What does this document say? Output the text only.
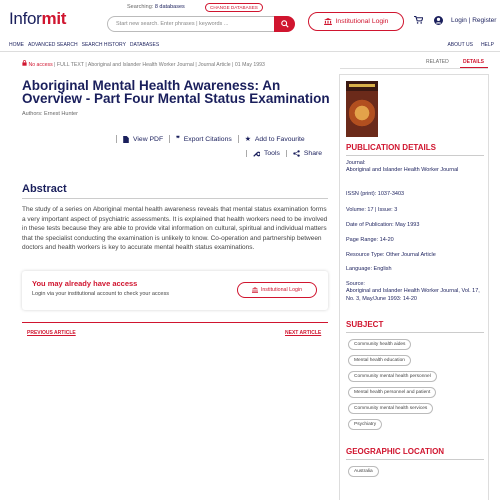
Informit
Searching: 8 databases	CHANGE DATABASES
Start new search. Enter phrases | keywords ...	Institutional Login	Login | Register
HOME ADVANCED SEARCH SEARCH HISTORY DATABASES	ABOUT US HELP
No access | FULL TEXT | Aboriginal and Islander Health Worker Journal | Journal Article | 01 May 1993	RELATED	DETAILS
Aboriginal Mental Health Awareness: An Overview - Part Four Mental Status Examination
Authors: Ernest Hunter
View PDF ❞ Export Citations ★ Add to Favourite
Tools	Share
Abstract
The study of a series on Aboriginal mental health awareness reveals that mental status examination forms a very important aspect of psychiatric assessments. It is explained that health workers need to be involved in these tests because they are able to provide vital information on cultural, spiritual and individual matters that the specialist conducting the examination is unlikely to know. Co-operation and partnership between doctors and health workers is key to accurate mental health status examinations.
You may already have access
Login via your institutional account to check your access
Institutional Login
PREVIOUS ARTICLE	NEXT ARTICLE
PUBLICATION DETAILS
Journal:
Aboriginal and Islander Health Worker Journal
ISSN (print): 1037-3403
Volume: 17 | Issue: 3
Date of Publication: May 1993
Page Range: 14-20
Resource Type: Other Journal Article
Language: English
Source:
Aboriginal and Islander Health Worker Journal, Vol. 17, No. 3, May/June 1993: 14-20
SUBJECT
Community health aides
Mental health education
Community mental health personnel
Mental health personnel and patient
Community mental health services
Psychiatry
GEOGRAPHIC LOCATION
Australia
